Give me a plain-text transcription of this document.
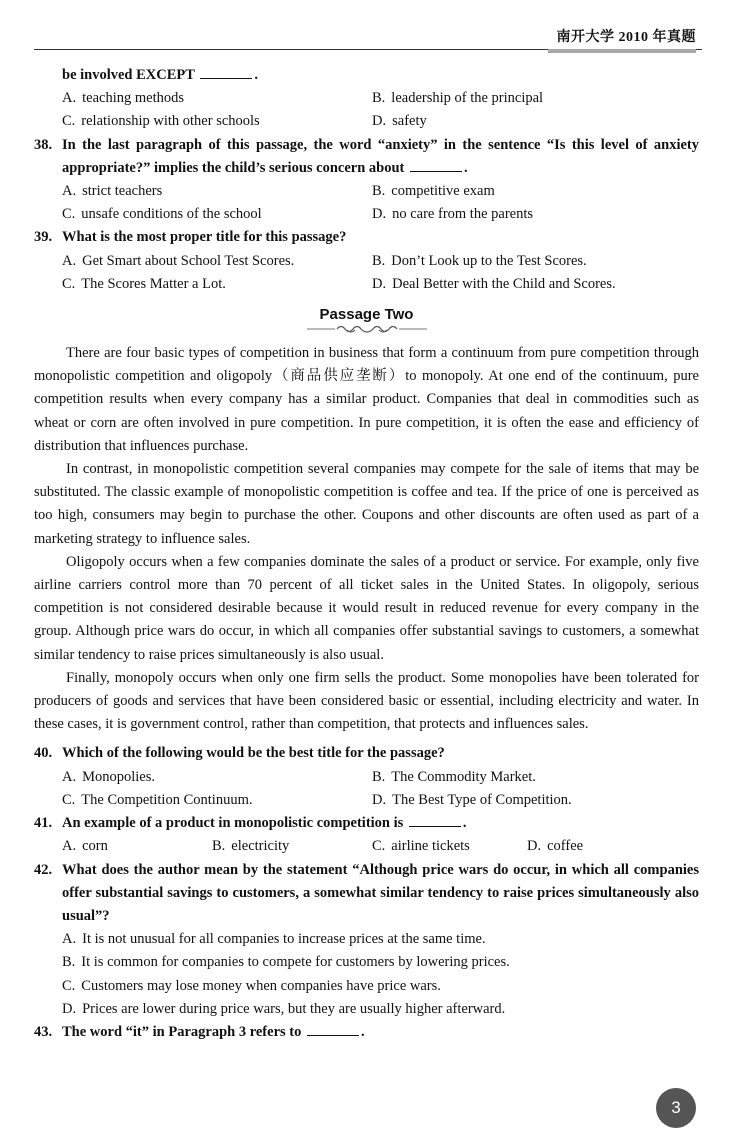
南开大学 2010 年真题
be involved EXCEPT	.
A. teaching methods	B. leadership of the principal
C. relationship with other schools	D. safety
38. In the last paragraph of this passage, the word “anxiety” in the sentence “Is this level of anxiety appropriate?” implies the child’s serious concern about	.
A. strict teachers	B. competitive exam
C. unsafe conditions of the school	D. no care from the parents
39. What is the most proper title for this passage?
A. Get Smart about School Test Scores.	B. Don’t Look up to the Test Scores.
C. The Scores Matter a Lot.	D. Deal Better with the Child and Scores.
Passage Two
There are four basic types of competition in business that form a continuum from pure competition through monopolistic competition and oligopoly（商品供应垄断）to monopoly. At one end of the continuum, pure competition results when every company has a similar product. Companies that deal in commodities such as wheat or corn are often involved in pure competition. In pure competition, it is often the ease and efficiency of distribution that influences purchase.
In contrast, in monopolistic competition several companies may compete for the sale of items that may be substituted. The classic example of monopolistic competition is coffee and tea. If the price of one is perceived as too high, consumers may begin to purchase the other. Coupons and other discounts are often used as part of a marketing strategy to influence sales.
Oligopoly occurs when a few companies dominate the sales of a product or service. For example, only five airline carriers control more than 70 percent of all ticket sales in the United States. In oligopoly, serious competition is not considered desirable because it would result in reduced revenue for every company in the group. Although price wars do occur, in which all companies offer substantial savings to customers, a somewhat similar tendency to raise prices simultaneously is also usual.
Finally, monopoly occurs when only one firm sells the product. Some monopolies have been tolerated for producers of goods and services that have been considered basic or essential, including electricity and water. In these cases, it is government control, rather than competition, that protects and influences sales.
40. Which of the following would be the best title for the passage?
A. Monopolies.	B. The Commodity Market.
C. The Competition Continuum.	D. The Best Type of Competition.
41. An example of a product in monopolistic competition is	.
A. corn	B. electricity	C. airline tickets	D. coffee
42. What does the author mean by the statement “Although price wars do occur, in which all companies offer substantial savings to customers, a somewhat similar tendency to raise prices simultaneously also usual”?
A. It is not unusual for all companies to increase prices at the same time.
B. It is common for companies to compete for customers by lowering prices.
C. Customers may lose money when companies have price wars.
D. Prices are lower during price wars, but they are usually higher afterward.
43. The word “it” in Paragraph 3 refers to	.
3
